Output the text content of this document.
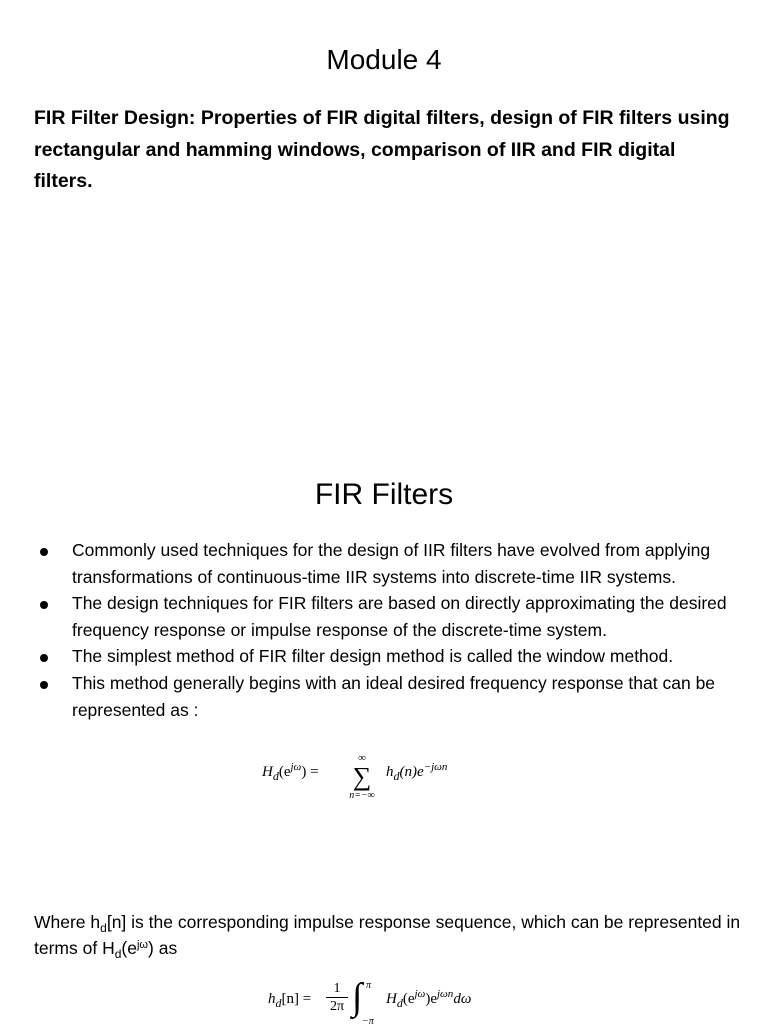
Module 4
FIR Filter Design: Properties of FIR digital filters, design of FIR filters using rectangular and hamming windows, comparison of IIR and FIR digital filters.
FIR Filters
Commonly used techniques for the design of IIR filters have evolved from applying transformations of continuous-time IIR systems into discrete-time IIR systems.
The design techniques for FIR filters are based on directly approximating the desired frequency response or impulse response of the discrete-time system.
The simplest method of FIR filter design method is called the window method.
This method generally begins with an ideal desired frequency response that can be represented as :
$H_d(e^{j\omega})$ =
∞
∑
n=−∞
$h_d(n)e^{-j\omega n}$
Where $h_d[n]$ is the corresponding impulse response sequence, which can be represented in terms of $H_d(e^{j\omega})$ as
$h_d[n] = \frac{1}{2\pi}$ ∫ π
−π
$H_d(e^{j\omega})e^{j\omega n}d\omega$
